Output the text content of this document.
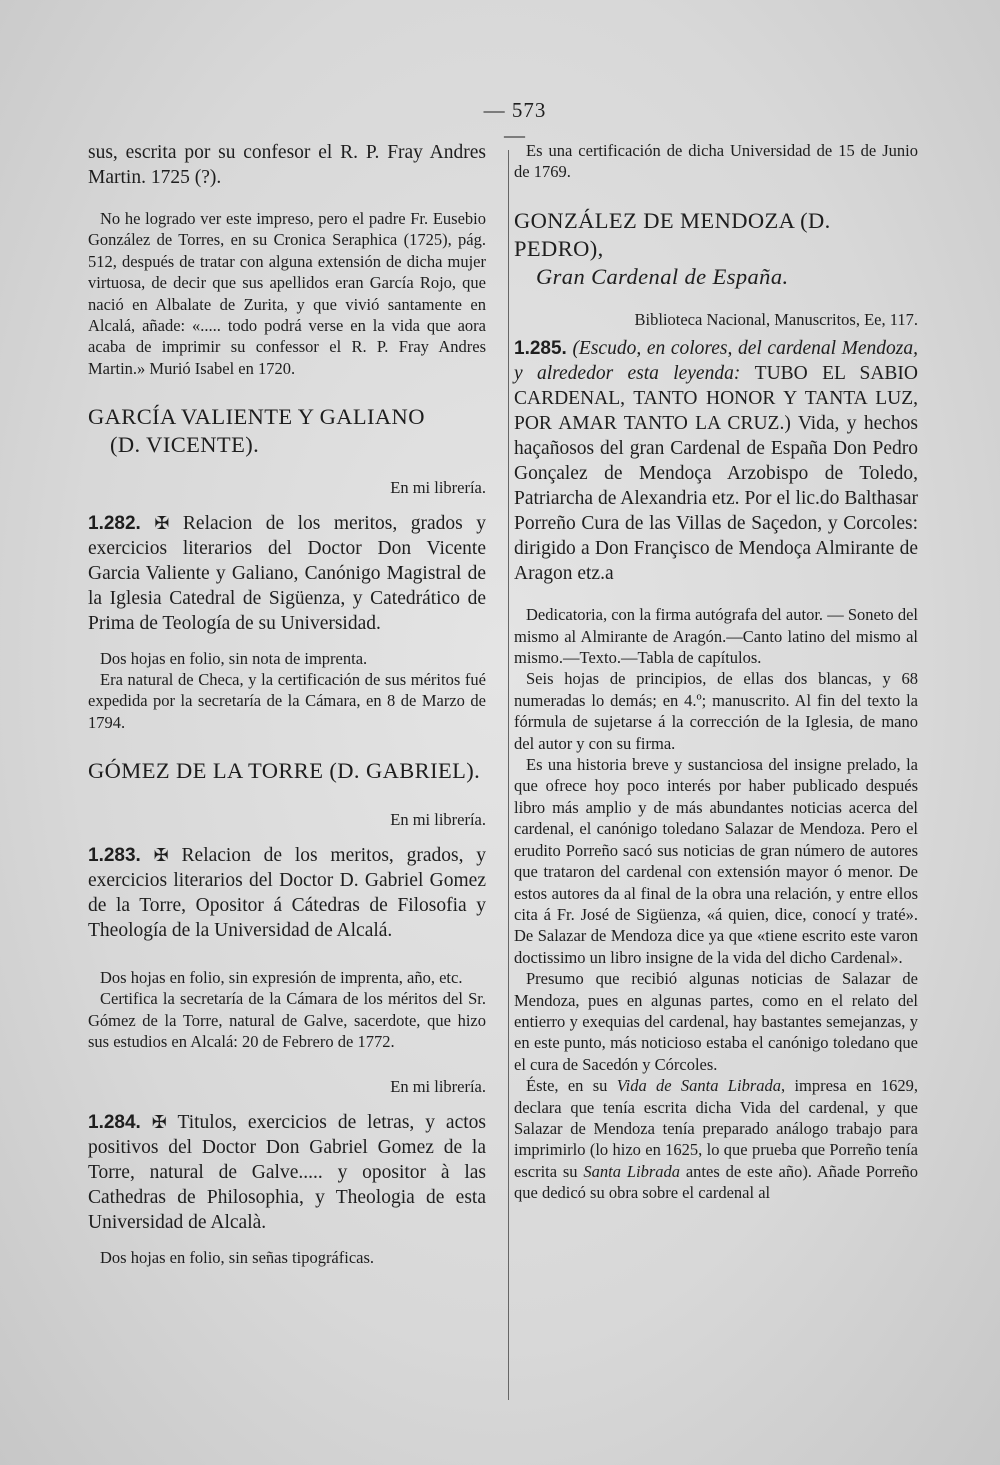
— 573 —

sus, escrita por su confesor el R. P. Fray Andres Martin. 1725 (?).

No he logrado ver este impreso, pero el padre Fr. Eusebio González de Torres, en su Cronica Seraphica (1725), pág. 512, después de tratar con alguna extensión de dicha mujer virtuosa, de decir que sus apellidos eran García Rojo, que nació en Albalate de Zurita, y que vivió santamente en Alcalá, añade: «..... todo podrá verse en la vida que aora acaba de imprimir su confessor el R. P. Fray Andres Martin.» Murió Isabel en 1720.

GARCÍA VALIENTE Y GALIANO
(D. VICENTE).

En mi librería.

1.282. ✠ Relacion de los meritos, grados y exercicios literarios del Doctor Don Vicente Garcia Valiente y Galiano, Canónigo Magistral de la Iglesia Catedral de Sigüenza, y Catedrático de Prima de Teología de su Universidad.

Dos hojas en folio, sin nota de imprenta.

Era natural de Checa, y la certificación de sus méritos fué expedida por la secretaría de la Cámara, en 8 de Marzo de 1794.

GÓMEZ DE LA TORRE (D. GABRIEL).

En mi librería.

1.283. ✠ Relacion de los meritos, grados, y exercicios literarios del Doctor D. Gabriel Gomez de la Torre, Opositor á Cátedras de Filosofia y Theología de la Universidad de Alcalá.

Dos hojas en folio, sin expresión de imprenta, año, etc.

Certifica la secretaría de la Cámara de los méritos del Sr. Gómez de la Torre, natural de Galve, sacerdote, que hizo sus estudios en Alcalá: 20 de Febrero de 1772.

En mi librería.

1.284. ✠ Titulos, exercicios de letras, y actos positivos del Doctor Don Gabriel Gomez de la Torre, natural de Galve..... y opositor à las Cathedras de Philosophia, y Theologia de esta Universidad de Alcalà.

Dos hojas en folio, sin señas tipográficas.

Es una certificación de dicha Universidad de 15 de Junio de 1769.

GONZÁLEZ DE MENDOZA (D. PEDRO),
Gran Cardenal de España.

Biblioteca Nacional, Manuscritos, Ee, 117.

1.285. (Escudo, en colores, del cardenal Mendoza, y alrededor esta leyenda: TUBO EL SABIO CARDENAL, TANTO HONOR Y TANTA LUZ, POR AMAR TANTO LA CRUZ.) Vida, y hechos haçañosos del gran Cardenal de España Don Pedro Gonçalez de Mendoça Arzobispo de Toledo, Patriarcha de Alexandria etz. Por el lic.do Balthasar Porreño Cura de las Villas de Saçedon, y Corcoles: dirigido a Don Françisco de Mendoça Almirante de Aragon etz.a

Dedicatoria, con la firma autógrafa del autor. — Soneto del mismo al Almirante de Aragón.—Canto latino del mismo al mismo.—Texto.—Tabla de capítulos.

Seis hojas de principios, de ellas dos blancas, y 68 numeradas lo demás; en 4.º; manuscrito. Al fin del texto la fórmula de sujetarse á la corrección de la Iglesia, de mano del autor y con su firma.

Es una historia breve y sustanciosa del insigne prelado, la que ofrece hoy poco interés por haber publicado después libro más amplio y de más abundantes noticias acerca del cardenal, el canónigo toledano Salazar de Mendoza. Pero el erudito Porreño sacó sus noticias de gran número de autores que trataron del cardenal con extensión mayor ó menor. De estos autores da al final de la obra una relación, y entre ellos cita á Fr. José de Sigüenza, «á quien, dice, conocí y traté». De Salazar de Mendoza dice ya que «tiene escrito este varon doctissimo un libro insigne de la vida del dicho Cardenal».

Presumo que recibió algunas noticias de Salazar de Mendoza, pues en algunas partes, como en el relato del entierro y exequias del cardenal, hay bastantes semejanzas, y en este punto, más noticioso estaba el canónigo toledano que el cura de Sacedón y Córcoles.

Éste, en su Vida de Santa Librada, impresa en 1629, declara que tenía escrita dicha Vida del cardenal, y que Salazar de Mendoza tenía preparado análogo trabajo para imprimirlo (lo hizo en 1625, lo que prueba que Porreño tenía escrita su Santa Librada antes de este año). Añade Porreño que dedicó su obra sobre el cardenal al
